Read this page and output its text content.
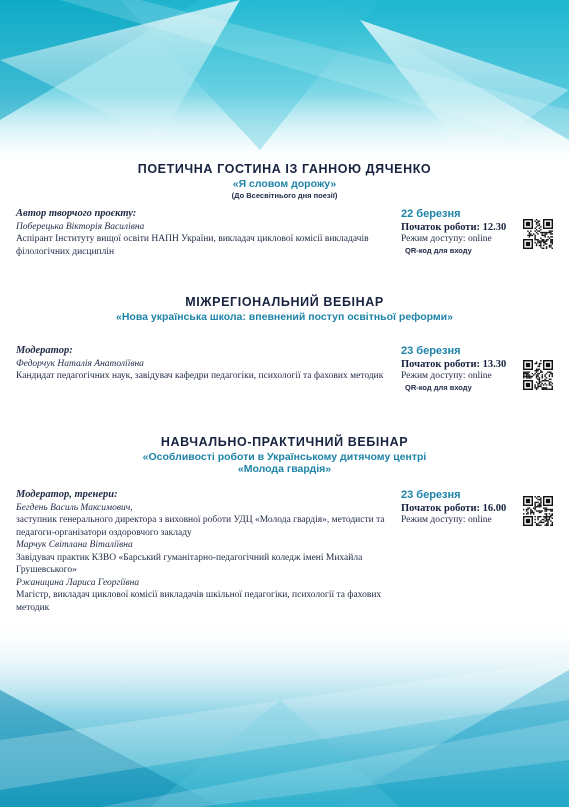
ПОЕТИЧНА ГОСТИНА ІЗ ГАННОЮ ДЯЧЕНКО
«Я словом дорожу»
(До Всесвітнього дня поезії)
Автор творчого проєкту:
Поберецька Вікторія Василівна
Аспірант Інституту вищої освіти НАПН України, викладач циклової комісії викладачів філологічних дисциплін
22 березня
Початок роботи: 12.30
Режим доступу: online
QR-код для входу
МІЖРЕГІОНАЛЬНИЙ ВЕБІНАР
«Нова українська школа: впевнений поступ освітньої реформи»
Модератор:
Федорчук Наталія Анатоліївна
Кандидат педагогічних наук, завідувач кафедри педагогіки, психології та фахових методик
23 березня
Початок роботи: 13.30
Режим доступу: online
QR-код для входу
НАВЧАЛЬНО-ПРАКТИЧНИЙ ВЕБІНАР
«Особливості роботи в Українському дитячому центрі
«Молода гвардія»
Модератор, тренери:
Бегдень Василь Максимович,
заступник генерального директора з виховної роботи УДЦ «Молода гвардія», методисти та педагоги-організатори оздоровчого закладу
Марчук Світлана Віталіївна
Завідувач практик КЗВО «Барський гуманітарно-педагогічний коледж імені Михайла Грушевського»
Ржаницина Лариса Георгіївна
Магістр, викладач циклової комісії викладачів шкільної педагогіки, психології та фахових методик
23 березня
Початок роботи: 16.00
Режим доступу: online
